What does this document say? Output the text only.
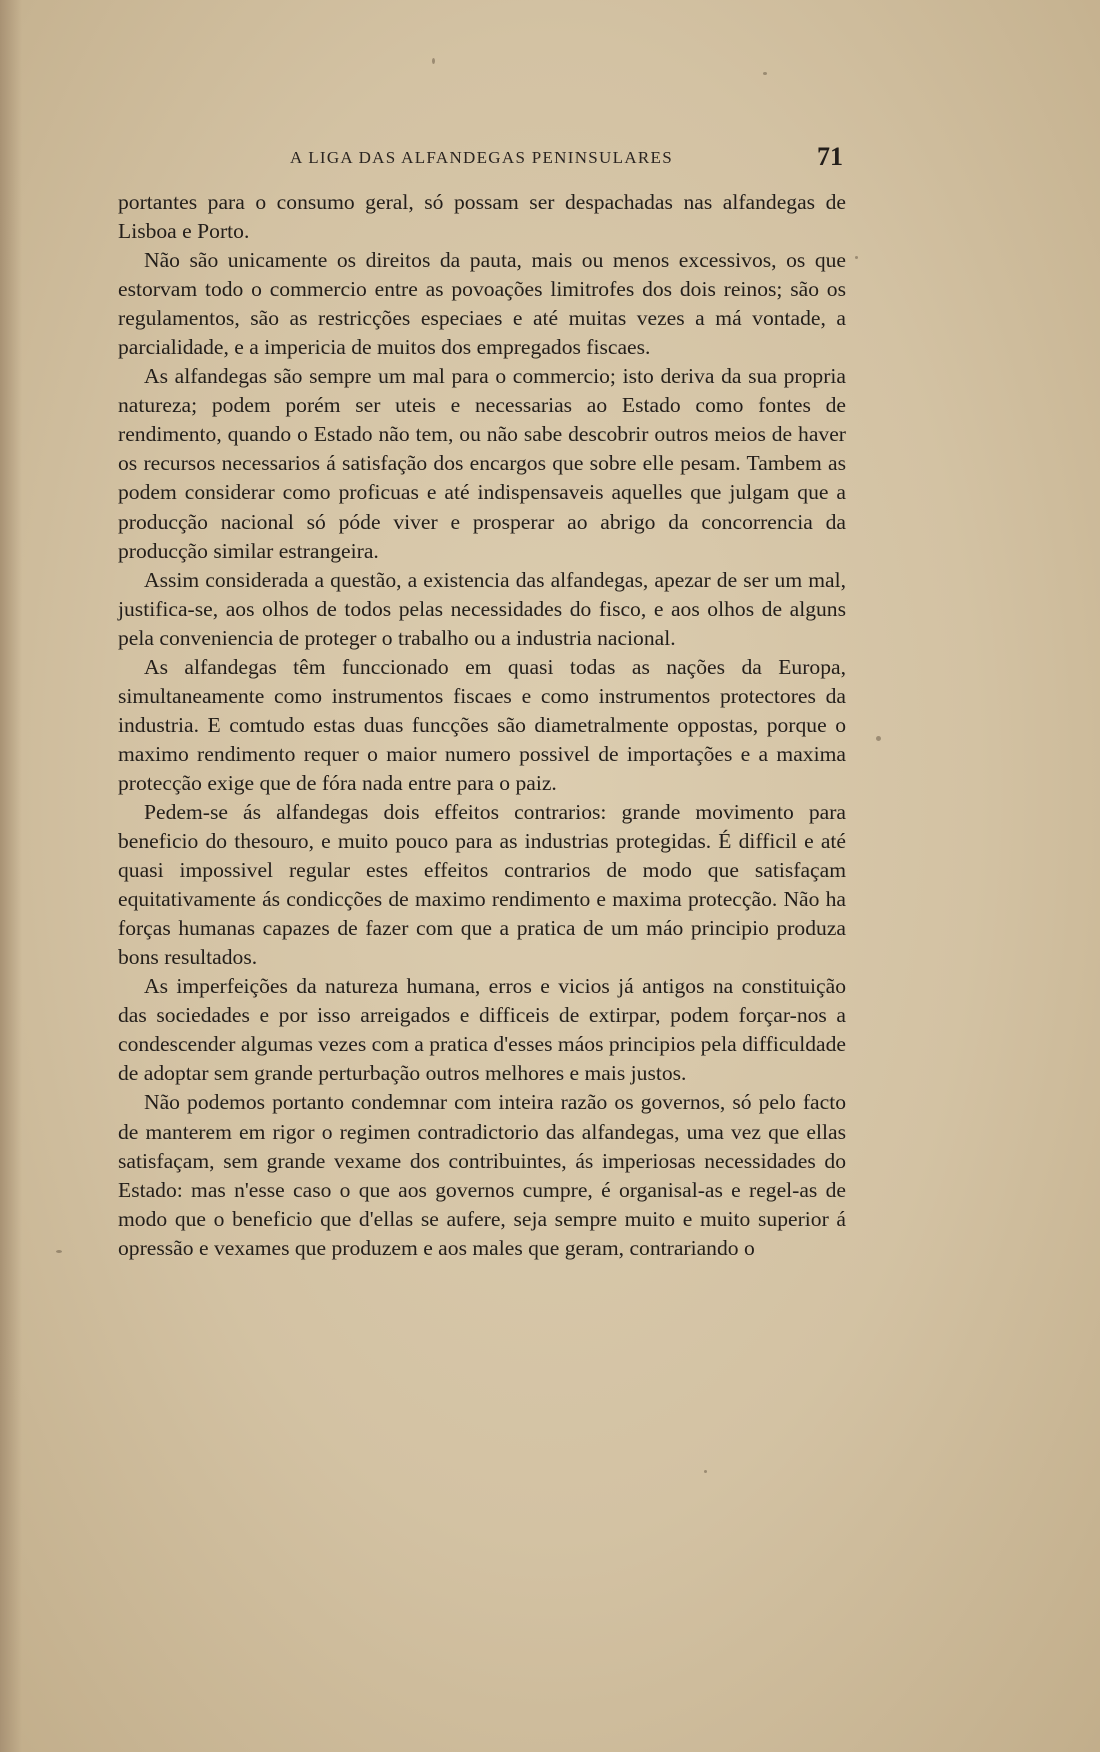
A LIGA DAS ALFANDEGAS PENINSULARES	71

portantes para o consumo geral, só possam ser despachadas nas alfandegas de Lisboa e Porto.

Não são unicamente os direitos da pauta, mais ou menos excessivos, os que estorvam todo o commercio entre as povoações limitrofes dos dois reinos; são os regulamentos, são as restricções especiaes e até muitas vezes a má vontade, a parcialidade, e a impericia de muitos dos empregados fiscaes.

As alfandegas são sempre um mal para o commercio; isto deriva da sua propria natureza; podem porém ser uteis e necessarias ao Estado como fontes de rendimento, quando o Estado não tem, ou não sabe descobrir outros meios de haver os recursos necessarios á satisfação dos encargos que sobre elle pesam. Tambem as podem considerar como proficuas e até indispensaveis aquelles que julgam que a producção nacional só póde viver e prosperar ao abrigo da concorrencia da producção similar estrangeira.

Assim considerada a questão, a existencia das alfandegas, apezar de ser um mal, justifica-se, aos olhos de todos pelas necessidades do fisco, e aos olhos de alguns pela conveniencia de proteger o trabalho ou a industria nacional.

As alfandegas têm funccionado em quasi todas as nações da Europa, simultaneamente como instrumentos fiscaes e como instrumentos protectores da industria. E comtudo estas duas funcções são diametralmente oppostas, porque o maximo rendimento requer o maior numero possivel de importações e a maxima protecção exige que de fóra nada entre para o paiz.

Pedem-se ás alfandegas dois effeitos contrarios: grande movimento para beneficio do thesouro, e muito pouco para as industrias protegidas. É difficil e até quasi impossivel regular estes effeitos contrarios de modo que satisfaçam equitativamente ás condicções de maximo rendimento e maxima protecção. Não ha forças humanas capazes de fazer com que a pratica de um máo principio produza bons resultados.

As imperfeições da natureza humana, erros e vicios já antigos na constituição das sociedades e por isso arreigados e difficeis de extirpar, podem forçar-nos a condescender algumas vezes com a pratica d'esses máos principios pela difficuldade de adoptar sem grande perturbação outros melhores e mais justos.

Não podemos portanto condemnar com inteira razão os governos, só pelo facto de manterem em rigor o regimen contradictorio das alfandegas, uma vez que ellas satisfaçam, sem grande vexame dos contribuintes, ás imperiosas necessidades do Estado: mas n'esse caso o que aos governos cumpre, é organisal-as e regel-as de modo que o beneficio que d'ellas se aufere, seja sempre muito e muito superior á opressão e vexames que produzem e aos males que geram, contrariando o
